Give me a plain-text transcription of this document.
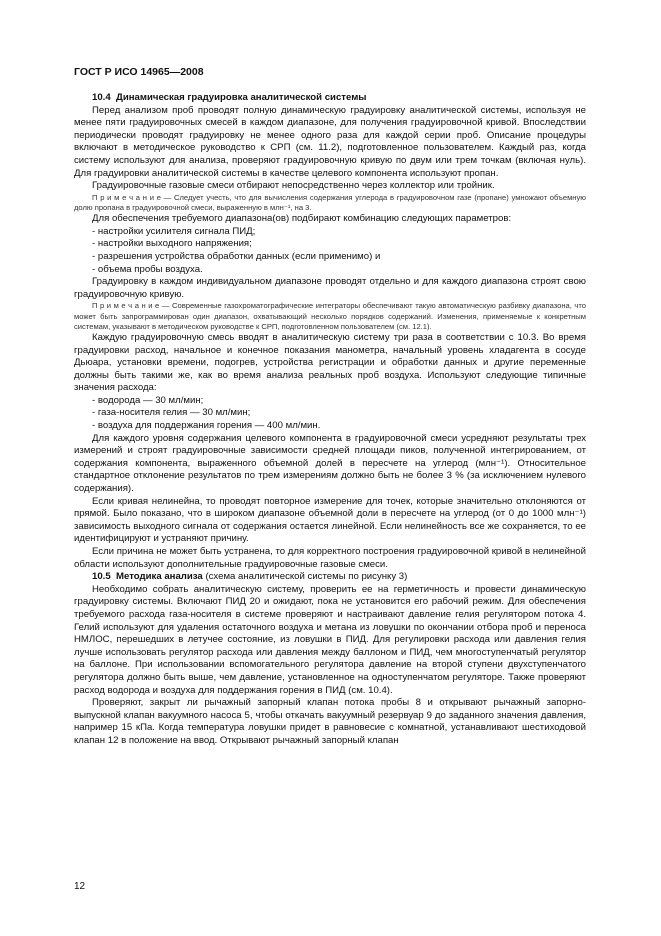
ГОСТ Р ИСО 14965—2008

10.4 Динамическая градуировка аналитической системы

Перед анализом проб проводят полную динамическую градуировку аналитической системы, используя не менее пяти градуировочных смесей в каждом диапазоне, для получения градуировочной кривой. Впоследствии периодически проводят градуировку не менее одного раза для каждой серии проб. Описание процедуры включают в методическое руководство к СРП (см. 11.2), подготовленное пользователем. Каждый раз, когда систему используют для анализа, проверяют градуировочную кривую по двум или трем точкам (включая нуль). Для градуировки аналитической системы в качестве целевого компонента используют пропан.

Градуировочные газовые смеси отбирают непосредственно через коллектор или тройник.

П р и м е ч а н и е — Следует учесть, что для вычисления содержания углерода в градуировочном газе (пропане) умножают объемную долю пропана в градуировочной смеси, выраженную в млн⁻¹, на 3.

Для обеспечения требуемого диапазона(ов) подбирают комбинацию следующих параметров:

- настройки усилителя сигнала ПИД;

- настройки выходного напряжения;

- разрешения устройства обработки данных (если применимо) и

- объема пробы воздуха.

Градуировку в каждом индивидуальном диапазоне проводят отдельно и для каждого диапазона строят свою градуировочную кривую.

П р и м е ч а н и е — Современные газохроматографические интеграторы обеспечивают такую автоматическую разбивку диапазона, что может быть запрограммирован один диапазон, охватывающий несколько порядков содержаний. Изменения, применяемые к конкретным системам, указывают в методическом руководстве к СРП, подготовленном пользователем (см. 12.1).

Каждую градуировочную смесь вводят в аналитическую систему три раза в соответствии с 10.3. Во время градуировки расход, начальное и конечное показания манометра, начальный уровень хладагента в сосуде Дьюара, установки времени, подогрев, устройства регистрации и обработки данных и другие переменные должны быть такими же, как во время анализа реальных проб воздуха. Используют следующие типичные значения расхода:

- водорода — 30 мл/мин;

- газа-носителя гелия — 30 мл/мин;

- воздуха для поддержания горения — 400 мл/мин.

Для каждого уровня содержания целевого компонента в градуировочной смеси усредняют результаты трех измерений и строят градуировочные зависимости средней площади пиков, полученной интегрированием, от содержания компонента, выраженного объемной долей в пересчете на углерод (млн⁻¹). Относительное стандартное отклонение результатов по трем измерениям должно быть не более 3 % (за исключением нулевого содержания).

Если кривая нелинейна, то проводят повторное измерение для точек, которые значительно отклоняются от прямой. Было показано, что в широком диапазоне объемной доли в пересчете на углерод (от 0 до 1000 млн⁻¹) зависимость выходного сигнала от содержания остается линейной. Если нелинейность все же сохраняется, то ее идентифицируют и устраняют причину.

Если причина не может быть устранена, то для корректного построения градуировочной кривой в нелинейной области используют дополнительные градуировочные газовые смеси.

10.5 Методика анализа (схема аналитической системы по рисунку 3)

Необходимо собрать аналитическую систему, проверить ее на герметичность и провести динамическую градуировку системы. Включают ПИД 20 и ожидают, пока не установится его рабочий режим. Для обеспечения требуемого расхода газа-носителя в системе проверяют и настраивают давление гелия регулятором потока 4. Гелий используют для удаления остаточного воздуха и метана из ловушки по окончании отбора проб и переноса НМЛОС, перешедших в летучее состояние, из ловушки в ПИД. Для регулировки расхода или давления гелия лучше использовать регулятор расхода или давления между баллоном и ПИД, чем многоступенчатый регулятор на баллоне. При использовании вспомогательного регулятора давление на второй ступени двухступенчатого регулятора должно быть выше, чем давление, установленное на одноступенчатом регуляторе. Также проверяют расход водорода и воздуха для поддержания горения в ПИД (см. 10.4).

Проверяют, закрыт ли рычажный запорный клапан потока пробы 8 и открывают рычажный запорно-выпускной клапан вакуумного насоса 5, чтобы откачать вакуумный резервуар 9 до заданного значения давления, например 15 кПа. Когда температура ловушки придет в равновесие с комнатной, устанавливают шестиходовой клапан 12 в положение на ввод. Открывают рычажный запорный клапан

12
